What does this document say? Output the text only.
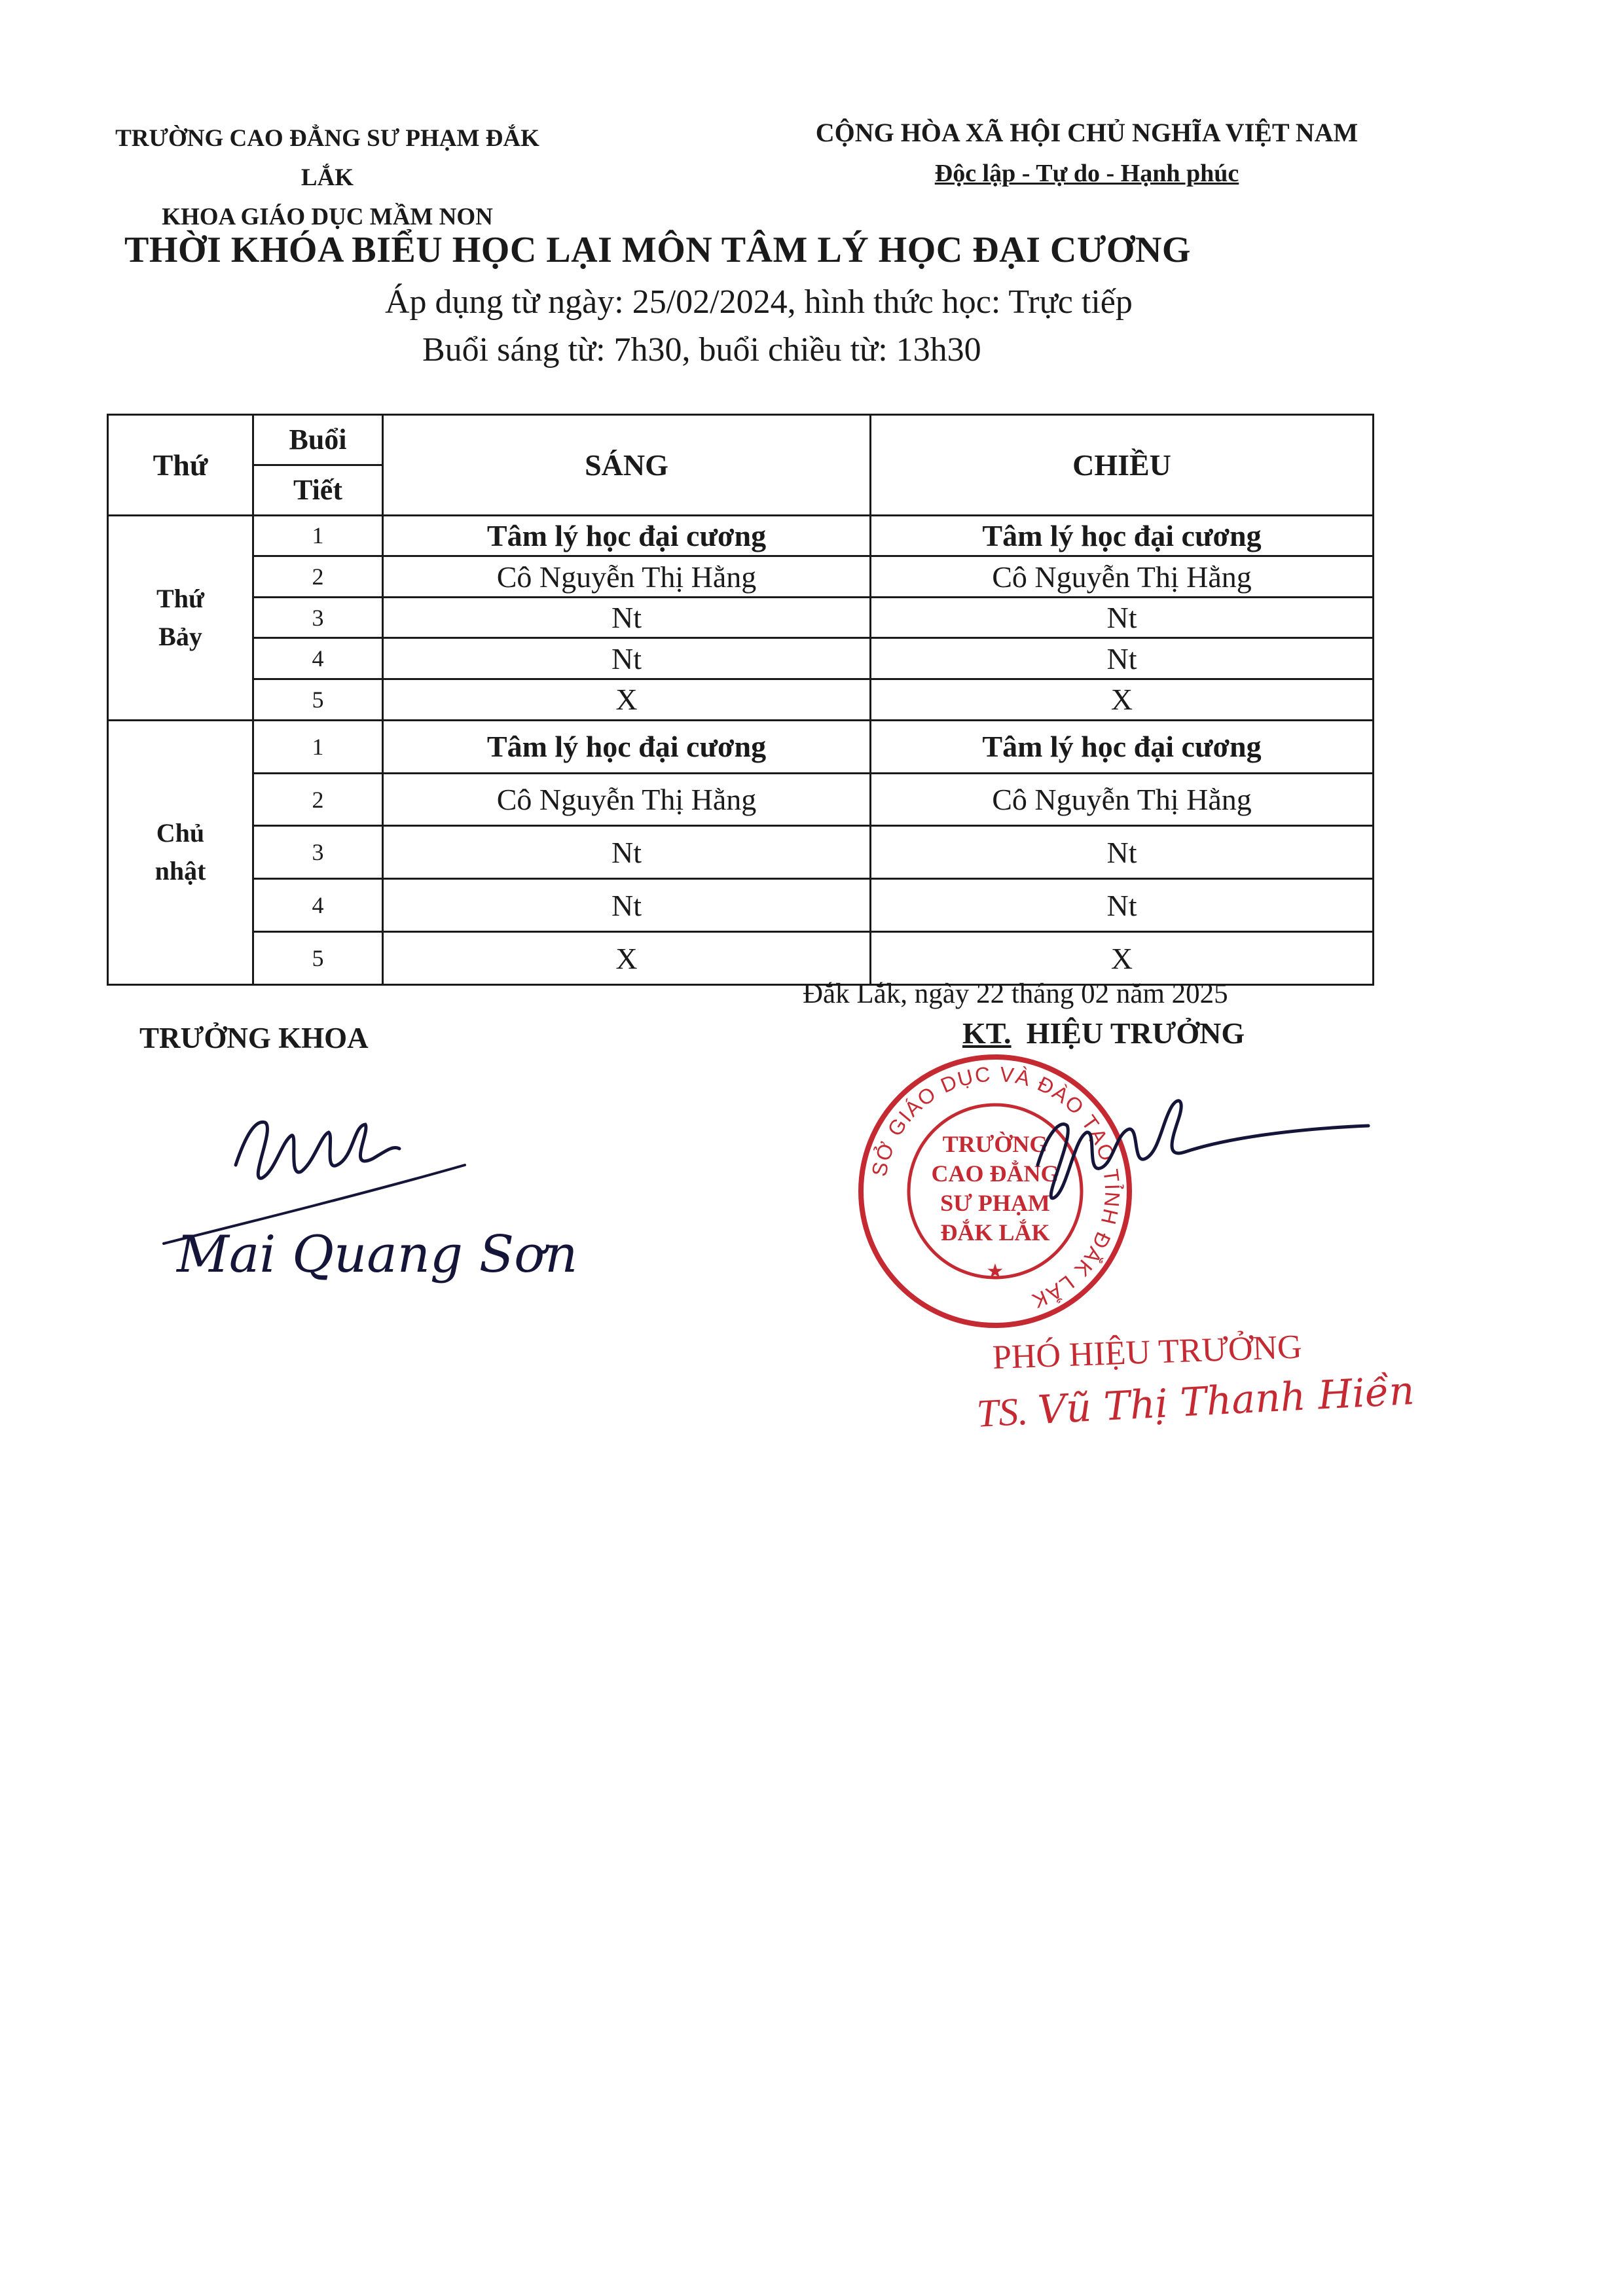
TRƯỜNG CAO ĐẲNG SƯ PHẠM ĐẮK LẮK
KHOA GIÁO DỤC MẦM NON
CỘNG HÒA XÃ HỘI CHỦ NGHĨA VIỆT NAM
Độc lập - Tự do - Hạnh phúc
THỜI KHÓA BIỂU HỌC LẠI MÔN TÂM LÝ HỌC ĐẠI CƯƠNG
Áp dụng từ ngày: 25/02/2024, hình thức học: Trực tiếp
Buổi sáng từ: 7h30, buổi chiều từ: 13h30
Thứ	Buổi	SÁNG	CHIỀU
	Tiết		

Thứ
Bảy	1	Tâm lý học đại cương	Tâm lý học đại cương
	2	Cô Nguyễn Thị Hằng	Cô Nguyễn Thị Hằng
	3	Nt	Nt
	4	Nt	Nt
	5	X	X

Chủ
nhật	1	Tâm lý học đại cương	Tâm lý học đại cương
	2	Cô Nguyễn Thị Hằng	Cô Nguyễn Thị Hằng
	3	Nt	Nt
	4	Nt	Nt
	5	X	X
Đắk Lắk, ngày 22 tháng 02 năm 2025
TRƯỞNG KHOA	KT. HIỆU TRƯỞNG
Mai Quang Sơn
SỞ GIÁO DỤC VÀ ĐÀO TẠO TỈNH ĐẮK LẮK
★
TRƯỜNG
CAO ĐẲNG
SƯ PHẠM
ĐẮK LẮK
PHÓ HIỆU TRƯỞNG
TS. Vũ Thị Thanh Hiền
